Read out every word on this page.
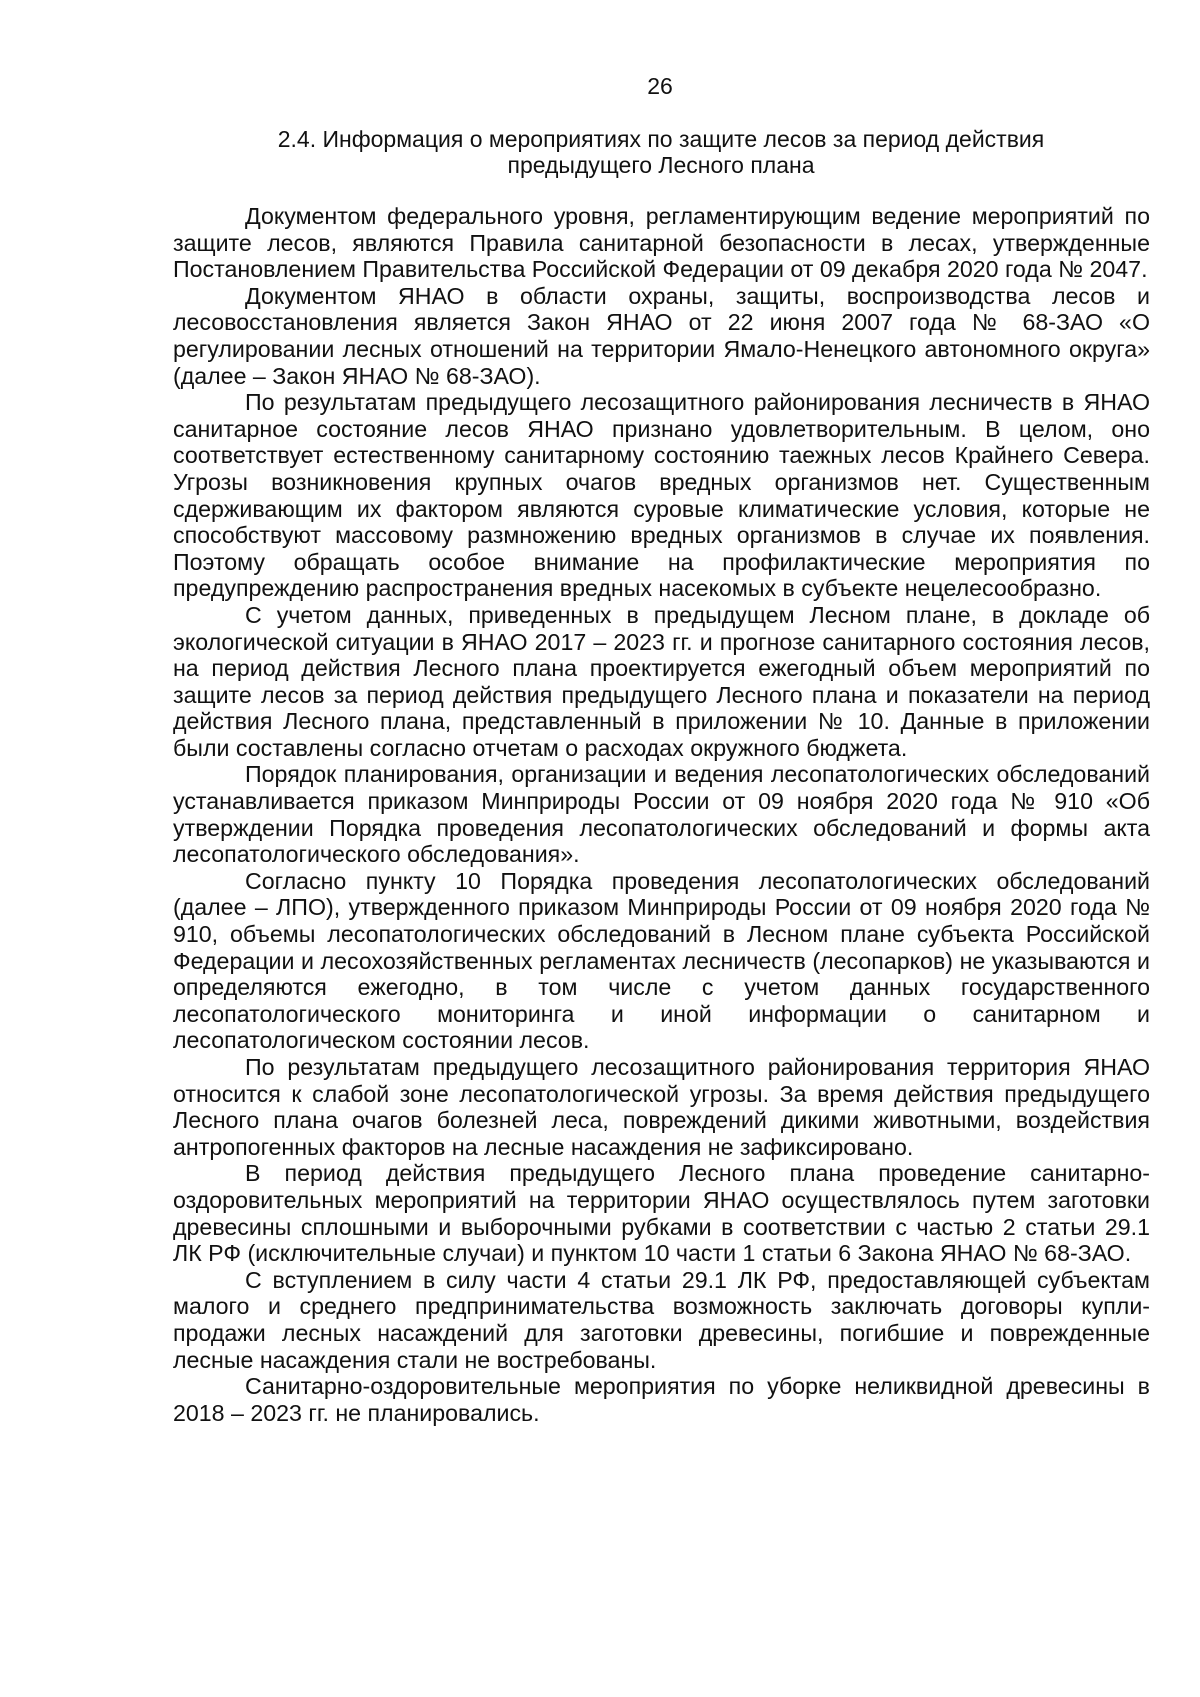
26
2.4. Информация о мероприятиях по защите лесов за период действия
предыдущего Лесного плана

Документом федерального уровня, регламентирующим ведение мероприятий по защите лесов, являются Правила санитарной безопасности в лесах, утвержденные Постановлением Правительства Российской Федерации от 09 декабря 2020 года № 2047.

Документом ЯНАО в области охраны, защиты, воспроизводства лесов и лесовосстановления является Закон ЯНАО от 22 июня 2007 года № 68-ЗАО «О регулировании лесных отношений на территории Ямало-Ненецкого автономного округа» (далее – Закон ЯНАО № 68-ЗАО).

По результатам предыдущего лесозащитного районирования лесничеств в ЯНАО санитарное состояние лесов ЯНАО признано удовлетворительным. В целом, оно соответствует естественному санитарному состоянию таежных лесов Крайнего Севера. Угрозы возникновения крупных очагов вредных организмов нет. Существенным сдерживающим их фактором являются суровые климатические условия, которые не способствуют массовому размножению вредных организмов в случае их появления. Поэтому обращать особое внимание на профилактические мероприятия по предупреждению распространения вредных насекомых в субъекте нецелесообразно.

С учетом данных, приведенных в предыдущем Лесном плане, в докладе об экологической ситуации в ЯНАО 2017 – 2023 гг. и прогнозе санитарного состояния лесов, на период действия Лесного плана проектируется ежегодный объем мероприятий по защите лесов за период действия предыдущего Лесного плана и показатели на период действия Лесного плана, представленный в приложении № 10. Данные в приложении были составлены согласно отчетам о расходах окружного бюджета.

Порядок планирования, организации и ведения лесопатологических обследований устанавливается приказом Минприроды России от 09 ноября 2020 года № 910 «Об утверждении Порядка проведения лесопатологических обследований и формы акта лесопатологического обследования».

Согласно пункту 10 Порядка проведения лесопатологических обследований (далее – ЛПО), утвержденного приказом Минприроды России от 09 ноября 2020 года № 910, объемы лесопатологических обследований в Лесном плане субъекта Российской Федерации и лесохозяйственных регламентах лесничеств (лесопарков) не указываются и определяются ежегодно, в том числе с учетом данных государственного лесопатологического мониторинга и иной информации о санитарном и лесопатологическом состоянии лесов.

По результатам предыдущего лесозащитного районирования территория ЯНАО относится к слабой зоне лесопатологической угрозы. За время действия предыдущего Лесного плана очагов болезней леса, повреждений дикими животными, воздействия антропогенных факторов на лесные насаждения не зафиксировано.

В период действия предыдущего Лесного плана проведение санитарно-оздоровительных мероприятий на территории ЯНАО осуществлялось путем заготовки древесины сплошными и выборочными рубками в соответствии с частью 2 статьи 29.1 ЛК РФ (исключительные случаи) и пунктом 10 части 1 статьи 6 Закона ЯНАО № 68-ЗАО.

С вступлением в силу части 4 статьи 29.1 ЛК РФ, предоставляющей субъектам малого и среднего предпринимательства возможность заключать договоры купли-продажи лесных насаждений для заготовки древесины, погибшие и поврежденные лесные насаждения стали не востребованы.

Санитарно-оздоровительные мероприятия по уборке неликвидной древесины в 2018 – 2023 гг. не планировались.
